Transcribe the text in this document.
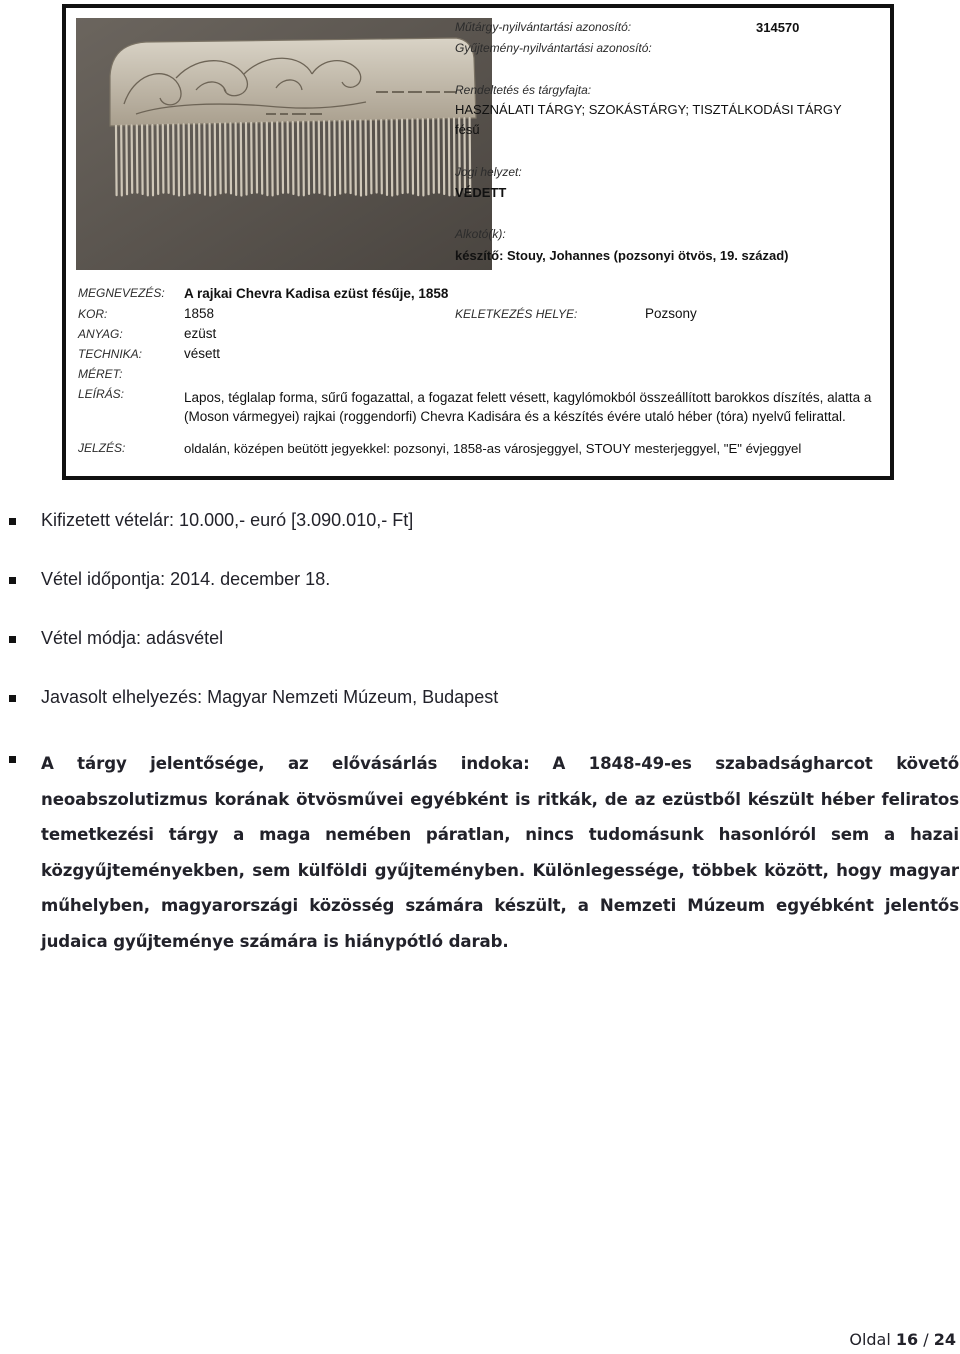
Műtárgy-nyilvántartási azonosító:	314570
Gyűjtemény-nyilvántartási azonosító:
Rendeltetés és tárgyfajta:
HASZNÁLATI TÁRGY; SZOKÁSTÁRGY; TISZTÁLKODÁSI TÁRGY
fésű
Jogi helyzet:
VÉDETT
Alkotó(k):
készítő: Stouy, Johannes (pozsonyi ötvös, 19. század)
MEGNEVEZÉS: A rajkai Chevra Kadisa ezüst fésűje, 1858
KOR:	1858	KELETKEZÉS HELYE:	Pozsony
ANYAG:	ezüst
TECHNIKA:	vésett
MÉRET:
LEÍRÁS:	Lapos, téglalap forma, sűrű fogazattal, a fogazat felett vésett, kagylómokból összeállított barokkos díszítés, alatta a (Moson vármegyei) rajkai (roggendorfi) Chevra Kadisára és a készítés évére utaló héber (tóra) nyelvű felirattal.
JELZÉS:	oldalán, középen beütött jegyekkel: pozsonyi, 1858-as városjeggyel, STOUY mesterjeggyel, "E" évjeggyel
Kifizetett vételár: 10.000,- euró [3.090.010,- Ft]
Vétel időpontja: 2014. december 18.
Vétel módja: adásvétel
Javasolt elhelyezés: Magyar Nemzeti Múzeum, Budapest
A tárgy jelentősége, az elővásárlás indoka: A 1848-49-es szabadságharcot követő neoabszolutizmus korának ötvösművei egyébként is ritkák, de az ezüstből készült héber feliratos temetkezési tárgy a maga nemében páratlan, nincs tudomásunk hasonlóról sem a hazai közgyűjteményekben, sem külföldi gyűjteményben. Különlegessége, többek között, hogy magyar műhelyben, magyarországi közösség számára készült, a Nemzeti Múzeum egyébként jelentős judaica gyűjteménye számára is hiánypótló darab.
Oldal 16 / 24
